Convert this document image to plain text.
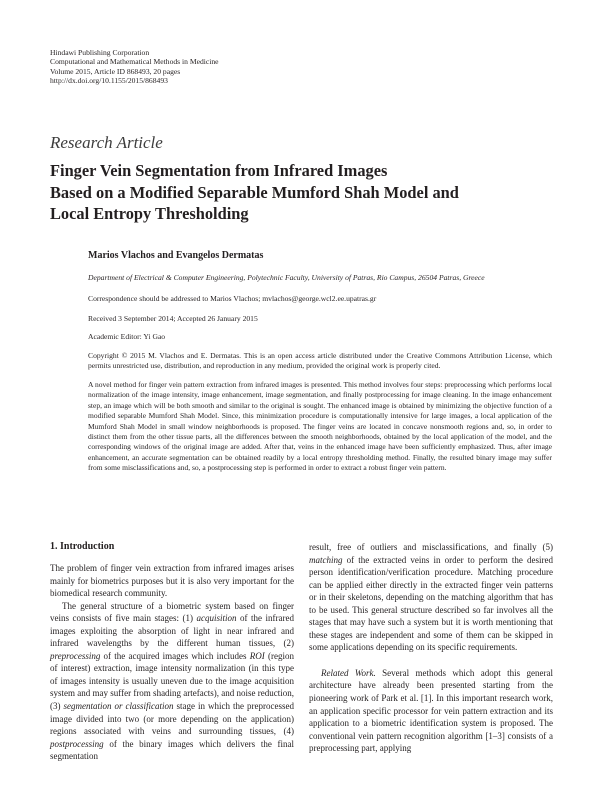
Hindawi Publishing Corporation
Computational and Mathematical Methods in Medicine
Volume 2015, Article ID 868493, 20 pages
http://dx.doi.org/10.1155/2015/868493
Research Article
Finger Vein Segmentation from Infrared Images
Based on a Modified Separable Mumford Shah Model and
Local Entropy Thresholding
Marios Vlachos and Evangelos Dermatas
Department of Electrical & Computer Engineering, Polytechnic Faculty, University of Patras, Rio Campus, 26504 Patras, Greece
Correspondence should be addressed to Marios Vlachos; mvlachos@george.wcl2.ee.upatras.gr
Received 3 September 2014; Accepted 26 January 2015
Academic Editor: Yi Gao
Copyright © 2015 M. Vlachos and E. Dermatas. This is an open access article distributed under the Creative Commons Attribution License, which permits unrestricted use, distribution, and reproduction in any medium, provided the original work is properly cited.
A novel method for finger vein pattern extraction from infrared images is presented. This method involves four steps: preprocessing which performs local normalization of the image intensity, image enhancement, image segmentation, and finally postprocessing for image cleaning. In the image enhancement step, an image which will be both smooth and similar to the original is sought. The enhanced image is obtained by minimizing the objective function of a modified separable Mumford Shah Model. Since, this minimization procedure is computationally intensive for large images, a local application of the Mumford Shah Model in small window neighborhoods is proposed. The finger veins are located in concave nonsmooth regions and, so, in order to distinct them from the other tissue parts, all the differences between the smooth neighborhoods, obtained by the local application of the model, and the corresponding windows of the original image are added. After that, veins in the enhanced image have been sufficiently emphasized. Thus, after image enhancement, an accurate segmentation can be obtained readily by a local entropy thresholding method. Finally, the resulted binary image may suffer from some misclassifications and, so, a postprocessing step is performed in order to extract a robust finger vein pattern.
1. Introduction

The problem of finger vein extraction from infrared images arises mainly for biometrics purposes but it is also very important for the biomedical research community.

The general structure of a biometric system based on finger veins consists of five main stages: (1) acquisition of the infrared images exploiting the absorption of light in near infrared and infrared wavelengths by the different human tissues, (2) preprocessing of the acquired images which includes ROI (region of interest) extraction, image intensity normalization (in this type of images intensity is usually uneven due to the image acquisition system and may suffer from shading artefacts), and noise reduction, (3) segmentation or classification stage in which the preprocessed image divided into two (or more depending on the application) regions associated with veins and surrounding tissues, (4) postprocessing of the binary images which delivers the final segmentation

result, free of outliers and misclassifications, and finally (5) matching of the extracted veins in order to perform the desired person identification/verification procedure. Matching procedure can be applied either directly in the extracted finger vein patterns or in their skeletons, depending on the matching algorithm that has to be used. This general structure described so far involves all the stages that may have such a system but it is worth mentioning that these stages are independent and some of them can be skipped in some applications depending on its specific requirements.

Related Work. Several methods which adopt this general architecture have already been presented starting from the pioneering work of Park et al. [1]. In this important research work, an application specific processor for vein pattern extraction and its application to a biometric identification system is proposed. The conventional vein pattern recognition algorithm [1–3] consists of a preprocessing part, applying
